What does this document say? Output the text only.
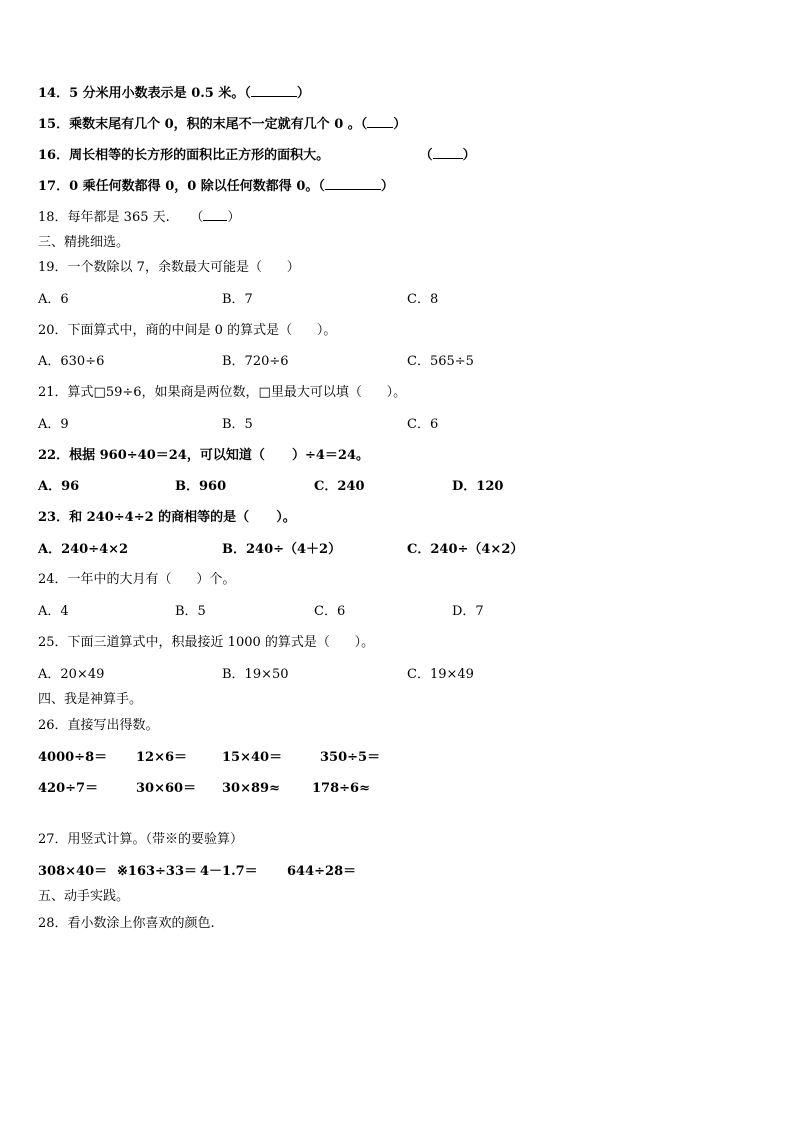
14．5 分米用小数表示是 0.5 米。（	）
15．乘数末尾有几个 0，积的末尾不一定就有几个 0 。（ ）
16．周长相等的长方形的面积比正方形的面积大。                    （ ）
17．0 乘任何数都得 0，0 除以任何数都得 0。（	）
18．每年都是 365 天.     （ ）
三、精挑细选。
19．一个数除以 7，余数最大可能是（      ）
A．6	B．7	C．8
20．下面算式中，商的中间是 0 的算式是（      ）。
A．630÷6	B．720÷6	C．565÷5
21．算式□59÷6，如果商是两位数，□里最大可以填（      ）。
A．9	B．5	C．6
22．根据 960÷40＝24，可以知道（      ）÷4＝24。
A．96	B．960	C．240	D．120
23．和 240÷4÷2 的商相等的是（      ）。
A．240÷4×2	B．240÷（4＋2）	C．240÷（4×2）
24．一年中的大月有（      ）个。
A．4	B．5	C．6	D．7
25．下面三道算式中，积最接近 1000 的算式是（      ）。
A．20×49	B．19×50	C．19×49
四、我是神算手。
26．直接写出得数。
4000÷8＝ 12×6＝	15×40＝	350÷5＝
420÷7＝	30×60＝ 30×89≈ 178÷6≈
27．用竖式计算。（带※的要验算）
308×40＝ ※163÷33＝ 4－1.7＝ 644÷28＝
五、动手实践。
28．看小数涂上你喜欢的颜色.
